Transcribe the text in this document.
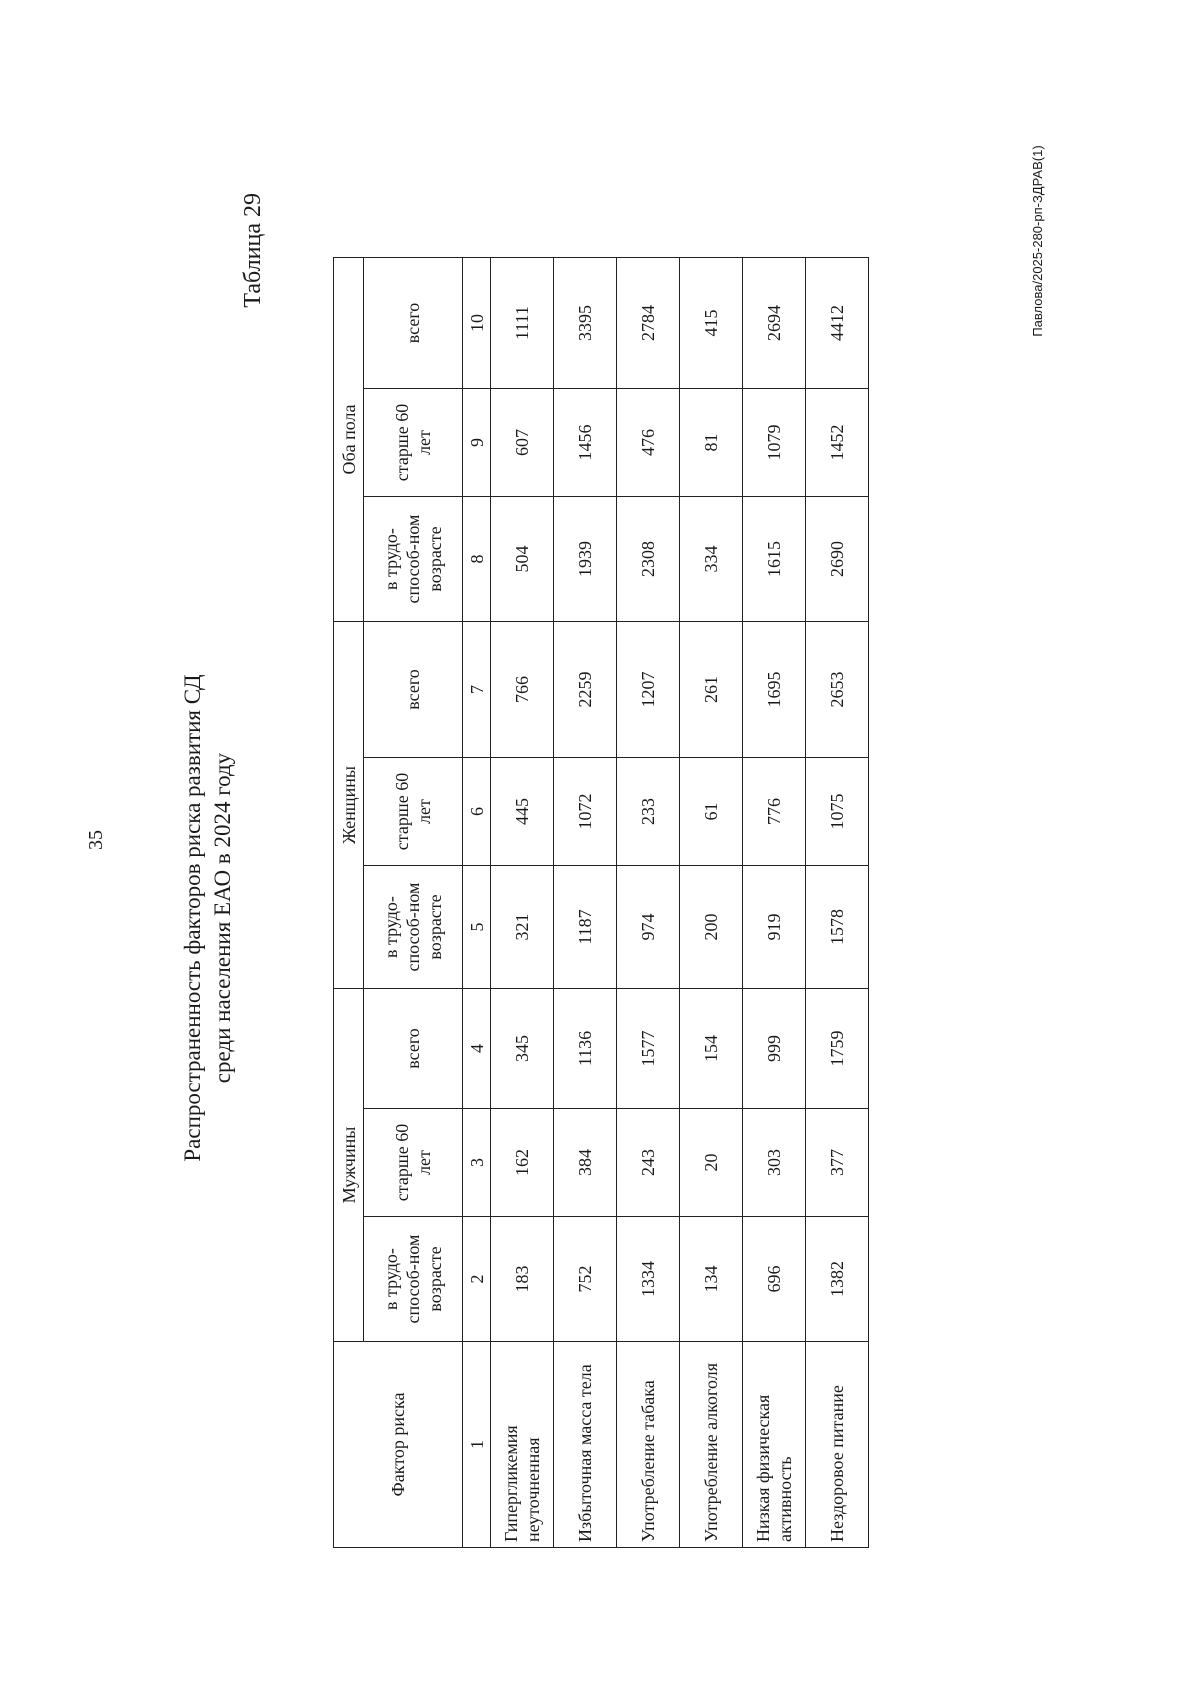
35
Павлова/2025-280-рп-ЗДРАВ(1)
Таблица 29
Распространенность факторов риска развития СД среди населения ЕАО в 2024 году
Фактор риска	Мужчины			Женщины			Оба пола		
	в трудо-способ-ном возрасте	старше 60 лет	всего	в трудо-способ-ном возрасте	старше 60 лет	всего	в трудо-способ-ном возрасте	старше 60 лет	всего
1	2	3	4	5	6	7	8	9	10
Гипергликемия неуточненная	183	162	345	321	445	766	504	607	1111
Избыточная масса тела	752	384	1136	1187	1072	2259	1939	1456	3395
Употребление табака	1334	243	1577	974	233	1207	2308	476	2784
Употребление алкоголя	134	20	154	200	61	261	334	81	415
Низкая физическая активность	696	303	999	919	776	1695	1615	1079	2694
Нездоровое питание	1382	377	1759	1578	1075	2653	2690	1452	4412
